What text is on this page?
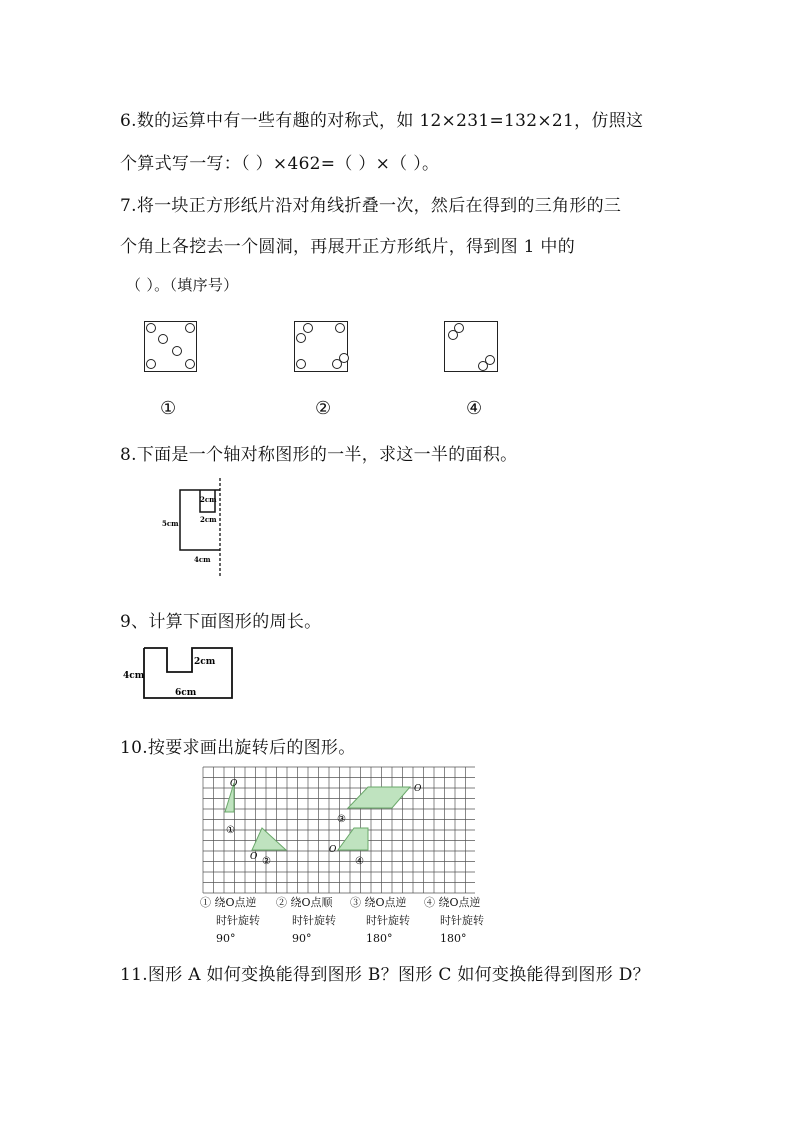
6.数的运算中有一些有趣的对称式，如 12×231=132×21，仿照这
个算式写一写：（ ）×462=（ ）×（ ）。
7.将一块正方形纸片沿对角线折叠一次，然后在得到的三角形的三
个角上各挖去一个圆洞，再展开正方形纸片，得到图 1 中的
（ ）。（填序号）
①	②	④
8.下面是一个轴对称图形的一半，求这一半的面积。
2cm
2cm
5cm
4cm
9、计算下面图形的周长。
4cm
2cm
6cm
10.按要求画出旋转后的图形。
O
O
O
O
①
②
③
④
① 绕O点逆
时针旋转
90°
② 绕O点顺
时针旋转
90°
③ 绕O点逆
时针旋转
180°
④ 绕O点逆
时针旋转
180°
11.图形 A 如何变换能得到图形 B？图形 C 如何变换能得到图形 D？
